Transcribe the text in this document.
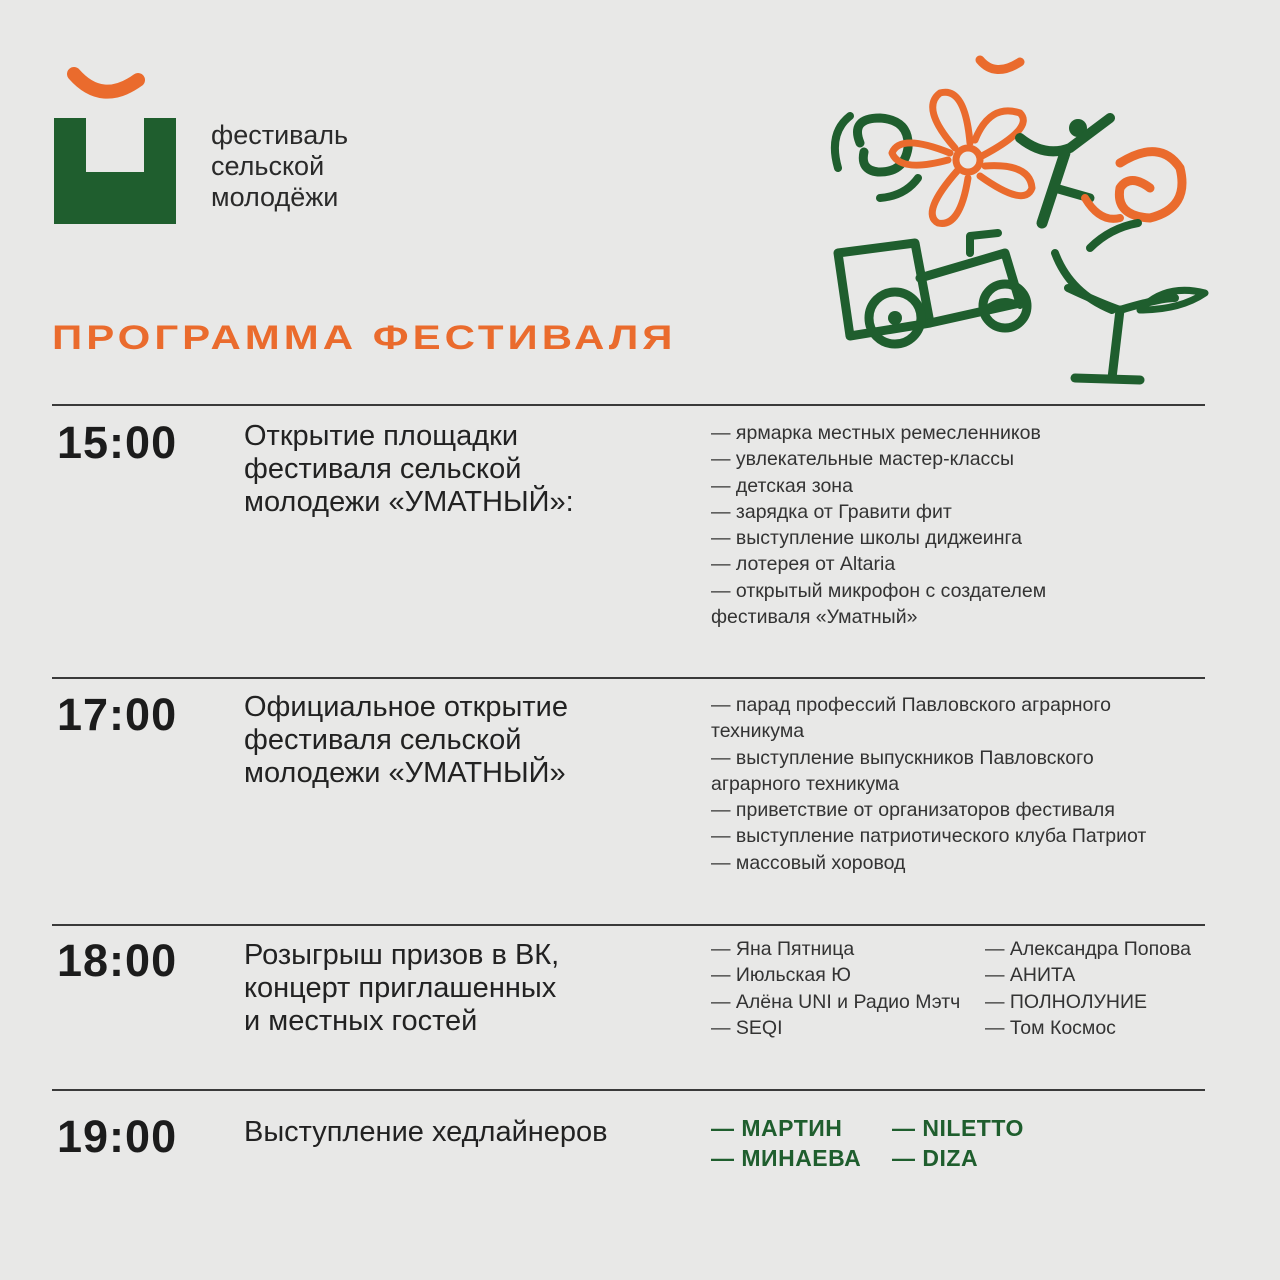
фестиваль
сельской
молодёжи
ПРОГРАММА ФЕСТИВАЛЯ
15:00 Открытие площадки
фестиваля сельской
молодежи «УМАТНЫЙ»:
— ярмарка местных ремесленников
— увлекательные мастер-классы
— детская зона
— зарядка от Гравити фит
— выступление школы диджеинга
— лотерея от Altaria
— открытый микрофон с создателем
фестиваля «Уматный»
17:00 Официальное открытие
фестиваля сельской
молодежи «УМАТНЫЙ»
— парад профессий Павловского аграрного
техникума
— выступление выпускников Павловского
аграрного техникума
— приветствие от организаторов фестиваля
— выступление патриотического клуба Патриот
— массовый хоровод
18:00 Розыгрыш призов в ВК,
концерт приглашенных
и местных гостей
— Яна Пятница
— Июльская Ю
— Алёна UNI и Радио Мэтч
— SEQI
— Александра Попова
— АНИТА
— ПОЛНОЛУНИЕ
— Том Космос
19:00 Выступление хедлайнеров	— МАРТИН
— МИНАЕВА
— NILETTO
— DIZA
